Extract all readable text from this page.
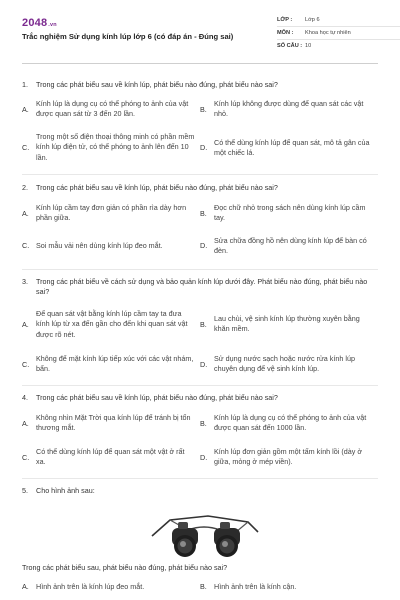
2048.vn
Trắc nghiệm Sử dụng kính lúp lớp 6 (có đáp án - Đúng sai)
LỚP :	Lớp 6
MÔN :	Khoa học tự nhiên
SỐ CÂU : 10
1. Trong các phát biểu sau về kính lúp, phát biểu nào đúng, phát biểu nào sai?
A.
Kính lúp là dụng cụ có thể phóng to ảnh của vật được quan sát từ 3 đến 20 lần.	B.
Kính lúp không được dùng để quan sát các vật nhỏ.
C.
Trong một số điện thoại thông minh có phần mềm kính lúp điện tử, có thể phóng to ảnh lên đến 10 lần.
D.
Có thể dùng kính lúp để quan sát, mô tả gân của một chiếc lá.
2. Trong các phát biểu sau về kính lúp, phát biểu nào đúng, phát biểu nào sai?
A.
Kính lúp cầm tay đơn giản có phần rìa dày hơn phần giữa.	B.
Đọc chữ nhỏ trong sách nên dùng kính lúp cầm tay.
C. Soi mẫu vải nên dùng kính lúp đeo mắt.	D.
Sửa chữa đồng hồ nên dùng kính lúp để bàn có đèn.
3. Trong các phát biểu về cách sử dụng và bảo quản kính lúp dưới đây. Phát biểu nào đúng, phát biểu nào sai?
A.
Để quan sát vật bằng kính lúp cầm tay ta đưa kính lúp từ xa đến gần cho đến khi quan sát vật được rõ nét.
B.
Lau chùi, vệ sinh kính lúp thường xuyên bằng khăn mềm.
C.
Không để mặt kính lúp tiếp xúc với các vật nhám, bẩn.	D.
Sử dụng nước sạch hoặc nước rửa kính lúp chuyên dụng để vệ sinh kính lúp.
4. Trong các phát biểu sau về kính lúp, phát biểu nào đúng, phát biểu nào sai?
A.
Không nhìn Mặt Trời qua kính lúp để tránh bị tổn thương mắt.	B.
Kính lúp là dụng cụ có thể phóng to ảnh của vật được quan sát đến 1000 lần.
C.
Có thể dùng kính lúp để quan sát một vật ở rất xa.	D.
Kính lúp đơn giản gồm một tấm kính lồi (dày ở giữa, mỏng ở mép viền).
5. Cho hình ảnh sau:
Trong các phát biểu sau, phát biểu nào đúng, phát biểu nào sai?
A. Hình ảnh trên là kính lúp đeo mắt.	B. Hình ảnh trên là kính cận.
